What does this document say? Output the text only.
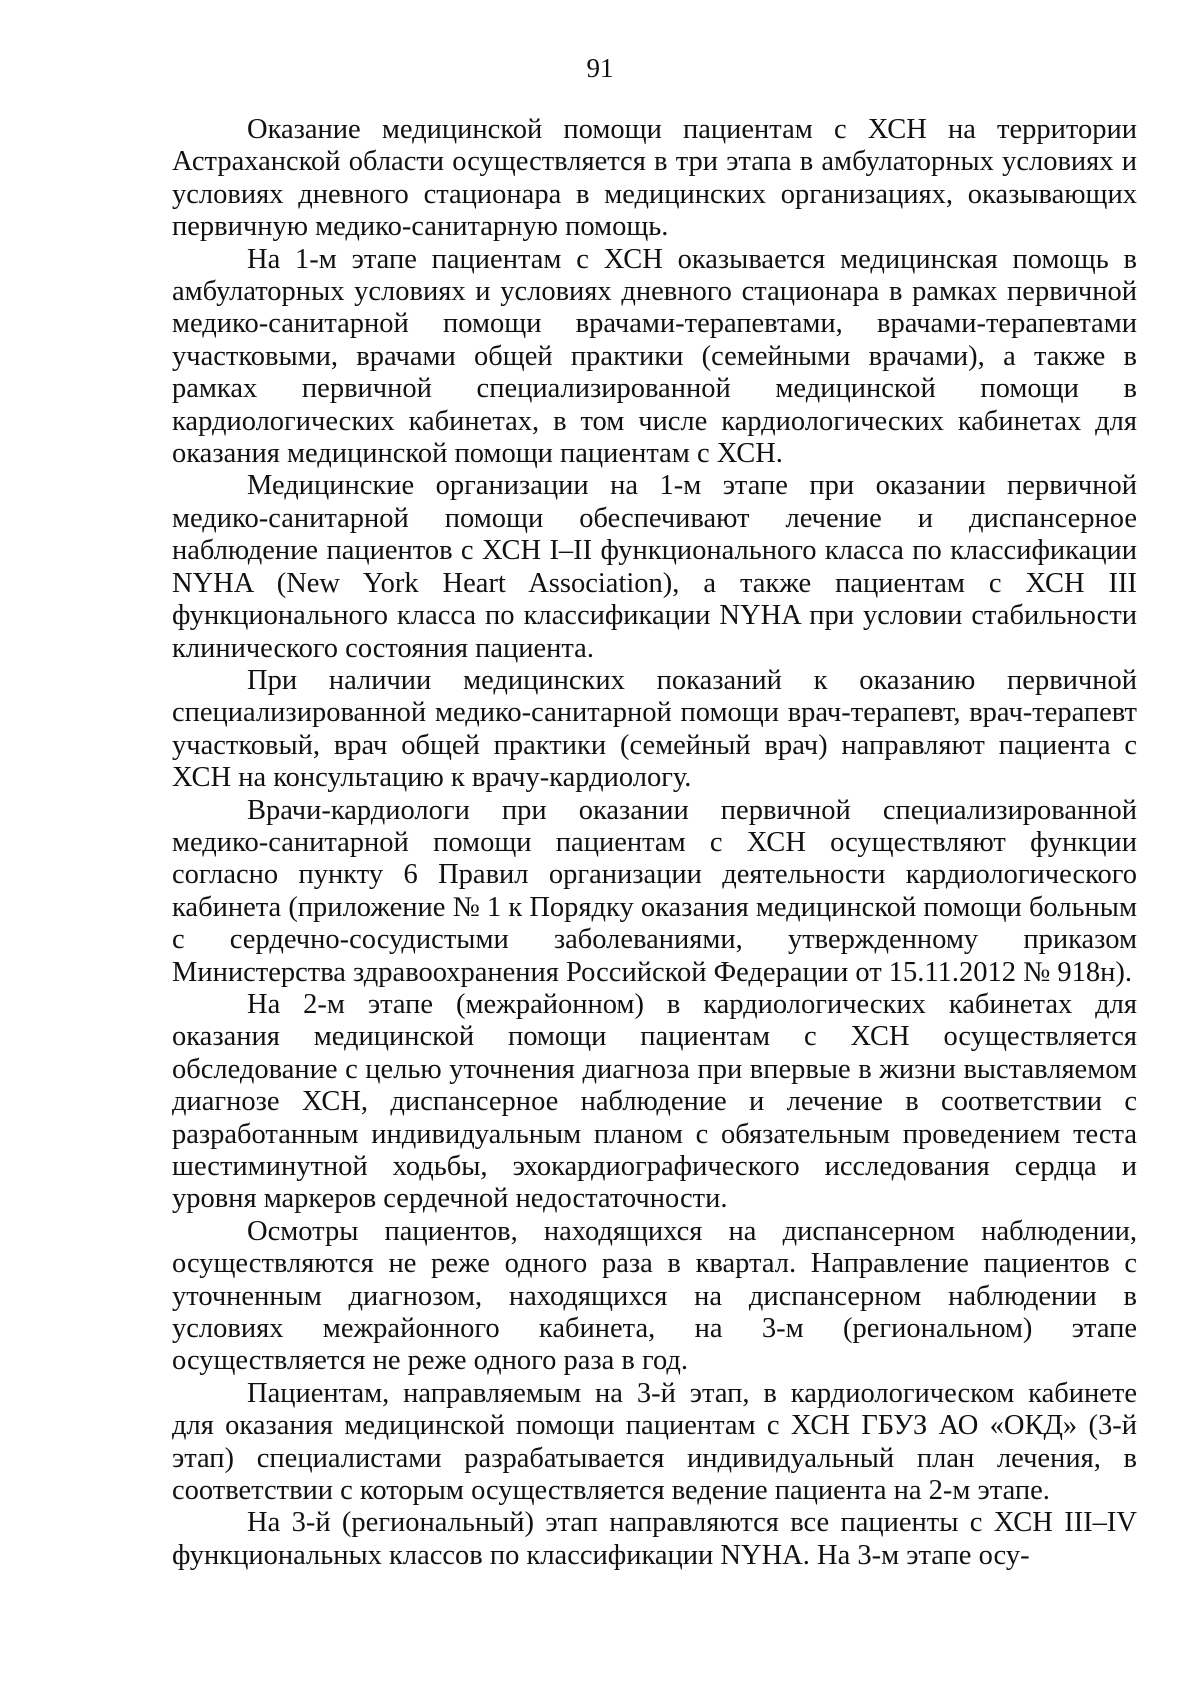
91

Оказание медицинской помощи пациентам с ХСН на территории Астраханской области осуществляется в три этапа в амбулаторных условиях и условиях дневного стационара в медицинских организациях, оказывающих первичную медико-санитарную помощь.

На 1-м этапе пациентам с ХСН оказывается медицинская помощь в амбулаторных условиях и условиях дневного стационара в рамках первичной медико-санитарной помощи врачами-терапевтами, врачами-терапевтами участковыми, врачами общей практики (семейными врачами), а также в рамках первичной специализированной медицинской помощи в кардиологических кабинетах, в том числе кардиологических кабинетах для оказания медицинской помощи пациентам с ХСН.

Медицинские организации на 1-м этапе при оказании первичной медико-санитарной помощи обеспечивают лечение и диспансерное наблюдение пациентов с ХСН I–II функционального класса по классификации NYHA (New York Heart Association), а также пациентам с ХСН III функционального класса по классификации NYHA при условии стабильности клинического состояния пациента.

При наличии медицинских показаний к оказанию первичной специализированной медико-санитарной помощи врач-терапевт, врач-терапевт участковый, врач общей практики (семейный врач) направляют пациента с ХСН на консультацию к врачу-кардиологу.

Врачи-кардиологи при оказании первичной специализированной медико-санитарной помощи пациентам с ХСН осуществляют функции согласно пункту 6 Правил организации деятельности кардиологического кабинета (приложение № 1 к Порядку оказания медицинской помощи больным с сердечно-сосудистыми заболеваниями, утвержденному приказом Министерства здравоохранения Российской Федерации от 15.11.2012 № 918н).

На 2-м этапе (межрайонном) в кардиологических кабинетах для оказания медицинской помощи пациентам с ХСН осуществляется обследование с целью уточнения диагноза при впервые в жизни выставляемом диагнозе ХСН, диспансерное наблюдение и лечение в соответствии с разработанным индивидуальным планом с обязательным проведением теста шестиминутной ходьбы, эхокардиографического исследования сердца и уровня маркеров сердечной недостаточности.

Осмотры пациентов, находящихся на диспансерном наблюдении, осуществляются не реже одного раза в квартал. Направление пациентов с уточненным диагнозом, находящихся на диспансерном наблюдении в условиях межрайонного кабинета, на 3-м (региональном) этапе осуществляется не реже одного раза в год.

Пациентам, направляемым на 3-й этап, в кардиологическом кабинете для оказания медицинской помощи пациентам с ХСН ГБУЗ АО «ОКД» (3-й этап) специалистами разрабатывается индивидуальный план лечения, в соответствии с которым осуществляется ведение пациента на 2-м этапе.

На 3-й (региональный) этап направляются все пациенты с ХСН III–IV функциональных классов по классификации NYHA. На 3-м этапе осу-
